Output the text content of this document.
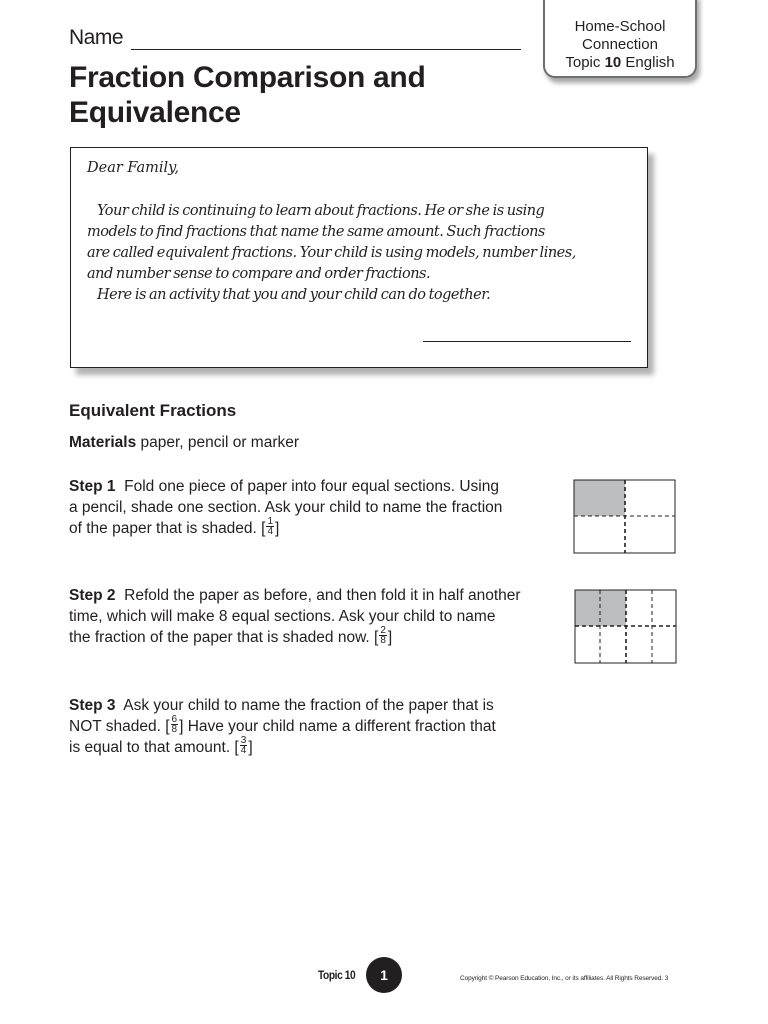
Name	Home-School
Connection
Topic 10 English
Fraction Comparison and
Equivalence
Dear Family,

Your child is continuing to learn about fractions. He or she is using
models to find fractions that name the same amount. Such fractions
are called equivalent fractions. Your child is using models, number lines,
and number sense to compare and order fractions.
Here is an activity that you and your child can do together.

Equivalent Fractions
Materials paper, pencil or marker

Step 1 Fold one piece of paper into four equal sections. Using
a pencil, shade one section. Ask your child to name the fraction
of the paper that is shaded. [ $\frac{1}{4}$ ]

Step 2 Refold the paper as before, and then fold it in half another
time, which will make 8 equal sections. Ask your child to name
the fraction of the paper that is shaded now. [ $\frac{2}{8}$ ]

Step 3 Ask your child to name the fraction of the paper that is
NOT shaded. [ $\frac{6}{8}$ ] Have your child name a different fraction that
is equal to that amount. [ $\frac{3}{4}$ ]

Topic 10	1	Copyright © Pearson Education, Inc., or its affiliates. All Rights Reserved. 3
